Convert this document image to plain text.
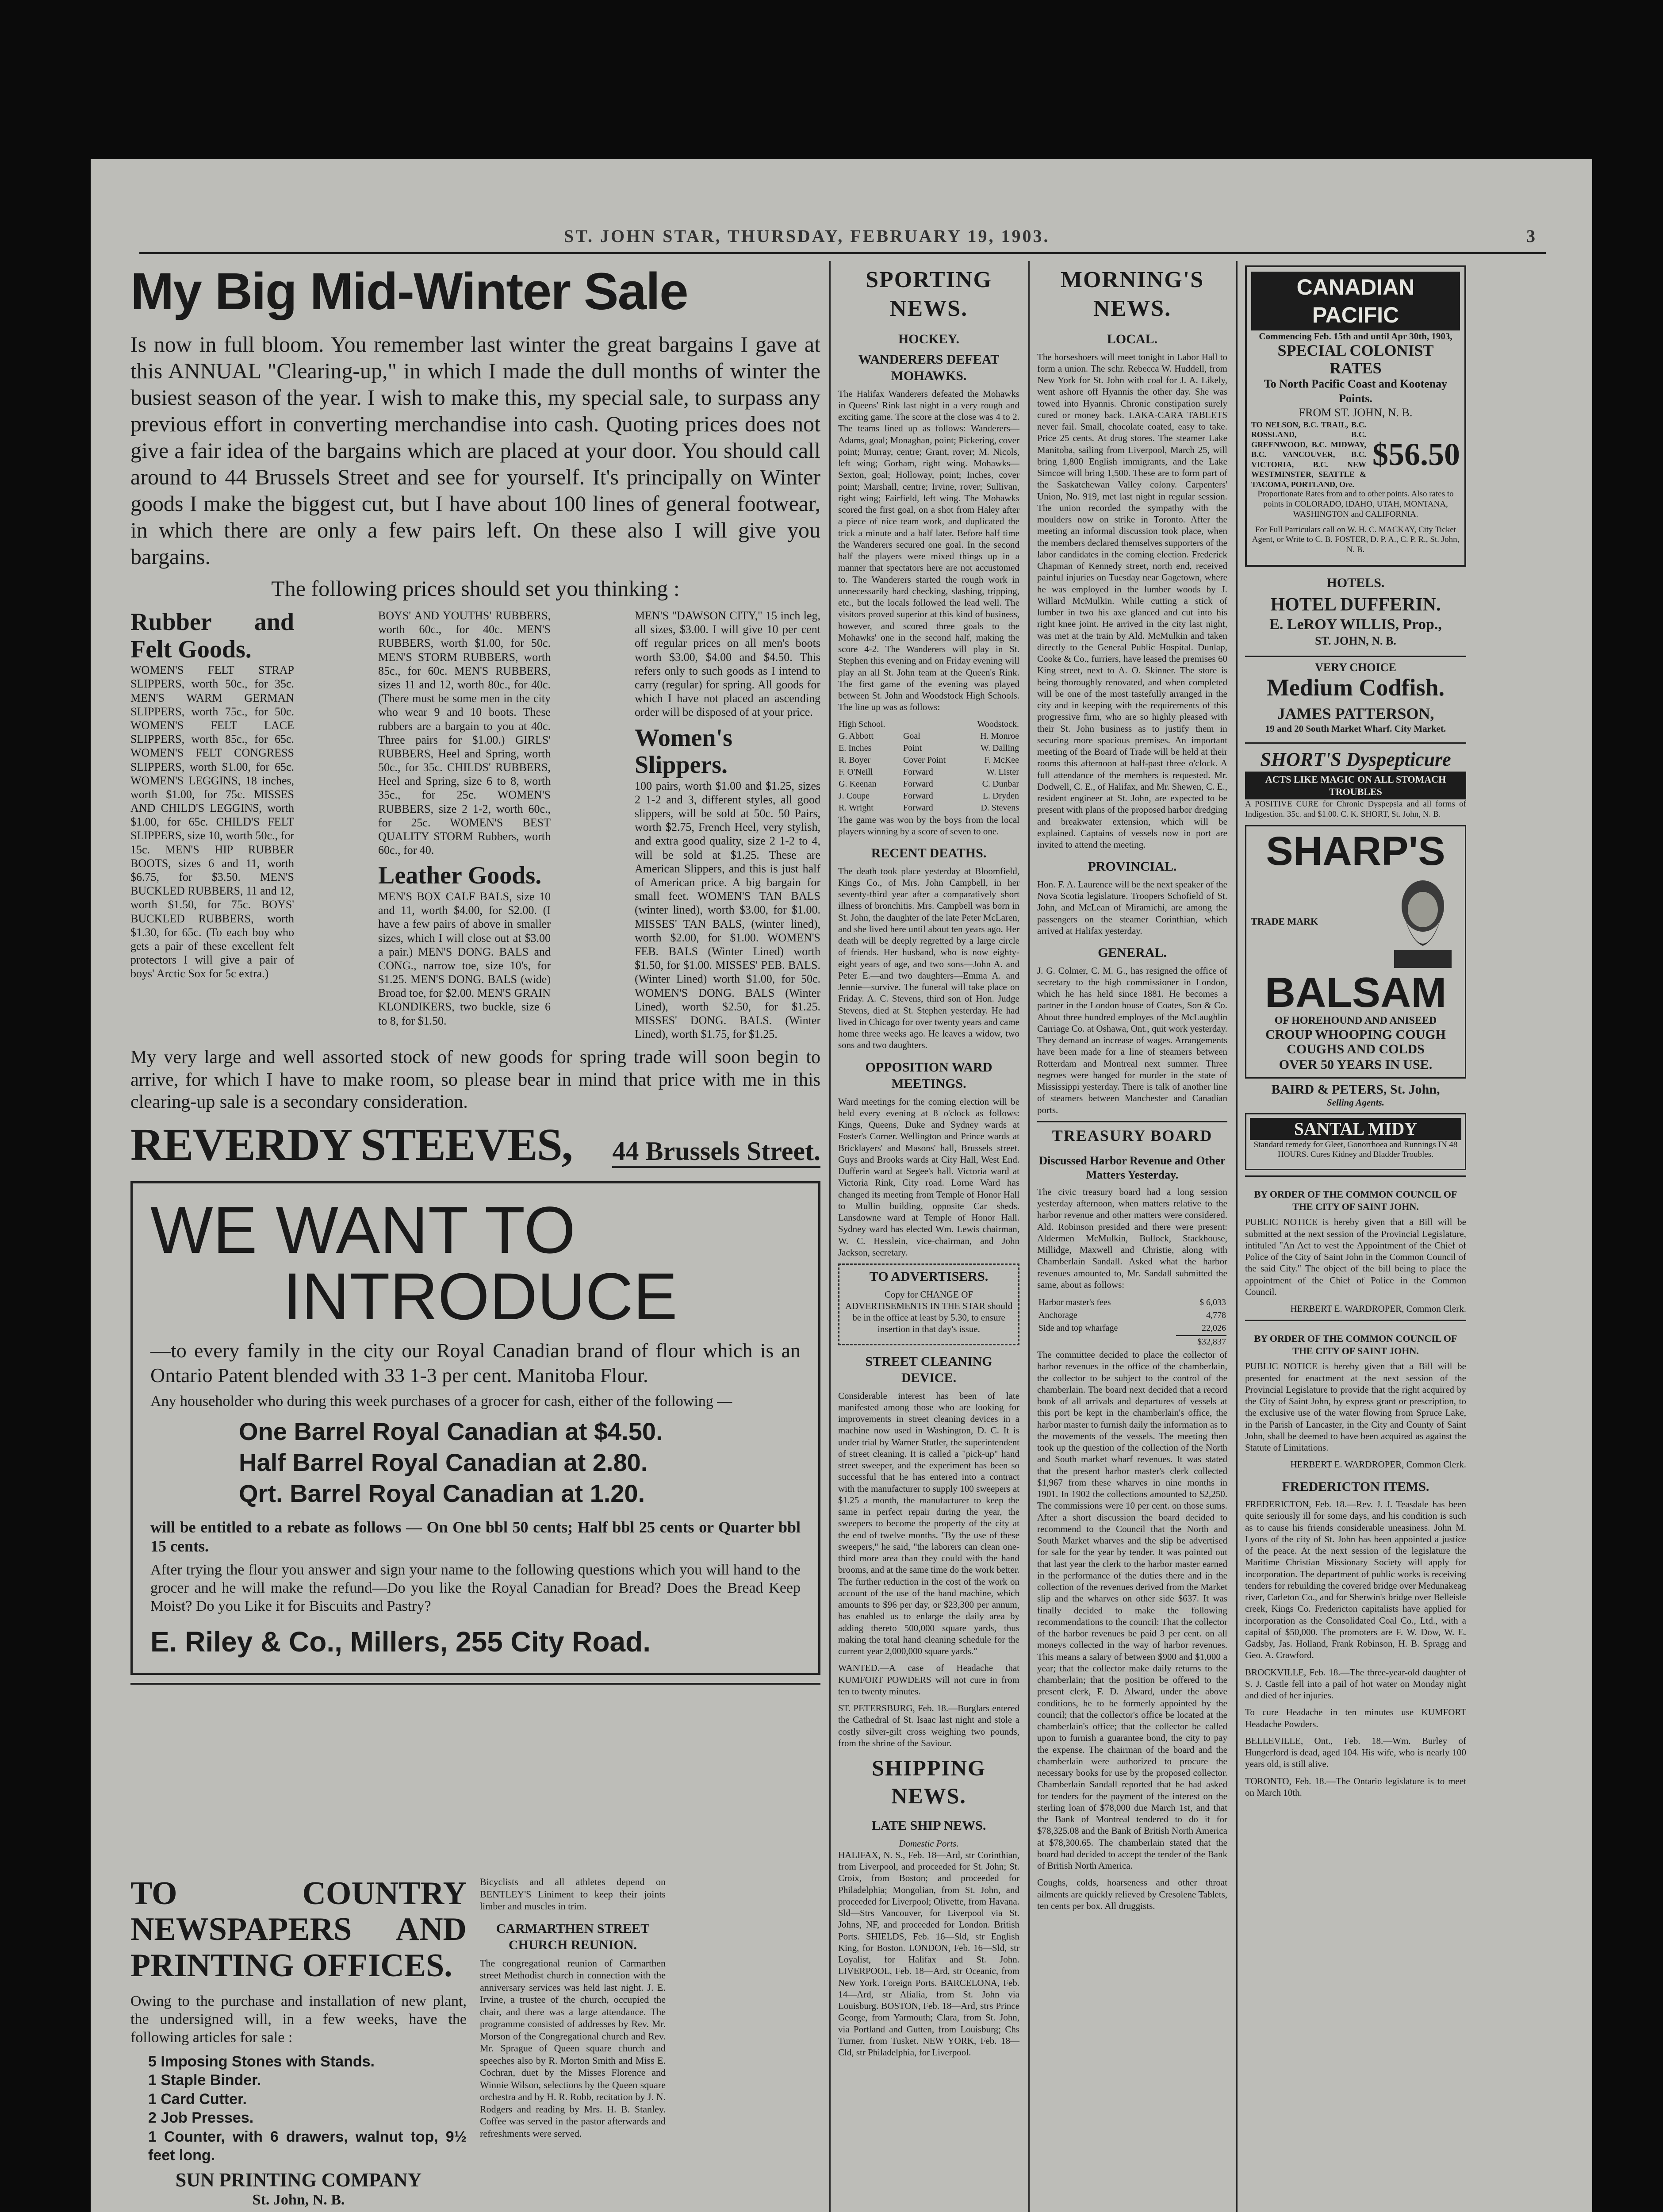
ST. JOHN STAR, THURSDAY, FEBRUARY 19, 1903.	3
My Big Mid-Winter Sale

Is now in full bloom. You remember last winter the great bargains I gave at this ANNUAL "Clearing-up," in which I made the dull months of winter the busiest season of the year. I wish to make this, my special sale, to surpass any previous effort in converting merchandise into cash. Quoting prices does not give a fair idea of the bargains which are placed at your door. You should call around to 44 Brussels Street and see for yourself. It's principally on Winter goods I make the biggest cut, but I have about 100 lines of general footwear, in which there are only a few pairs left. On these also I will give you bargains.

The following prices should set you thinking :

Rubber and Felt Goods.

WOMEN'S FELT STRAP SLIPPERS, worth 50c., for 35c. MEN'S WARM GERMAN SLIPPERS, worth 75c., for 50c. WOMEN'S FELT LACE SLIPPERS, worth 85c., for 65c. WOMEN'S FELT CONGRESS SLIPPERS, worth $1.00, for 65c. WOMEN'S LEGGINS, 18 inches, worth $1.00, for 75c. MISSES AND CHILD'S LEGGINS, worth $1.00, for 65c. CHILD'S FELT SLIPPERS, size 10, worth 50c., for 15c. MEN'S HIP RUBBER BOOTS, sizes 6 and 11, worth $6.75, for $3.50. MEN'S BUCKLED RUBBERS, 11 and 12, worth $1.50, for 75c. BOYS' BUCKLED RUBBERS, worth $1.30, for 65c. (To each boy who gets a pair of these excellent felt protectors I will give a pair of boys' Arctic Sox for 5c extra.)

BOYS' AND YOUTHS' RUBBERS, worth 60c., for 40c. MEN'S RUBBERS, worth $1.00, for 50c. MEN'S STORM RUBBERS, worth 85c., for 60c. MEN'S RUBBERS, sizes 11 and 12, worth 80c., for 40c. (There must be some men in the city who wear 9 and 10 boots. These rubbers are a bargain to you at 40c. Three pairs for $1.00.) GIRLS' RUBBERS, Heel and Spring, worth 50c., for 35c. CHILDS' RUBBERS, Heel and Spring, size 6 to 8, worth 35c., for 25c. WOMEN'S RUBBERS, size 2 1-2, worth 60c., for 25c. WOMEN'S BEST QUALITY STORM Rubbers, worth 60c., for 40.

Leather Goods.

MEN'S BOX CALF BALS, size 10 and 11, worth $4.00, for $2.00. (I have a few pairs of above in smaller sizes, which I will close out at $3.00 a pair.) MEN'S DONG. BALS and CONG., narrow toe, size 10's, for $1.25. MEN'S DONG. BALS (wide) Broad toe, for $2.00. MEN'S GRAIN KLONDIKERS, two buckle, size 6 to 8, for $1.50.

MEN'S "DAWSON CITY," 15 inch leg, all sizes, $3.00. I will give 10 per cent off regular prices on all men's boots worth $3.00, $4.00 and $4.50. This refers only to such goods as I intend to carry (regular) for spring. All goods for which I have not placed an ascending order will be disposed of at your price.

Women's Slippers.

100 pairs, worth $1.00 and $1.25, sizes 2 1-2 and 3, different styles, all good slippers, will be sold at 50c. 50 Pairs, worth $2.75, French Heel, very stylish, and extra good quality, size 2 1-2 to 4, will be sold at $1.25. These are American Slippers, and this is just half of American price. A big bargain for small feet. WOMEN'S TAN BALS (winter lined), worth $3.00, for $1.00. MISSES' TAN BALS, (winter lined), worth $2.00, for $1.00. WOMEN'S FEB. BALS (Winter Lined) worth $1.50, for $1.00. MISSES' PEB. BALS. (Winter Lined) worth $1.00, for 50c. WOMEN'S DONG. BALS (Winter Lined), worth $2.50, for $1.25. MISSES' DONG. BALS. (Winter Lined), worth $1.75, for $1.25.

My very large and well assorted stock of new goods for spring trade will soon begin to arrive, for which I have to make room, so please bear in mind that price with me in this clearing-up sale is a secondary consideration.

REVERDY STEEVES, 44 Brussels Street.
WE WANT TO
INTRODUCE

—to every family in the city our Royal Canadian brand of flour which is an Ontario Patent blended with 33 1-3 per cent. Manitoba Flour.

Any householder who during this week purchases of a grocer for cash, either of the following —

One Barrel Royal Canadian at $4.50.
Half Barrel Royal Canadian at 2.80.
Qrt. Barrel Royal Canadian at 1.20.

will be entitled to a rebate as follows — On One bbl 50 cents; Half bbl 25 cents or Quarter bbl 15 cents.

After trying the flour you answer and sign your name to the following questions which you will hand to the grocer and he will make the refund—Do you like the Royal Canadian for Bread? Does the Bread Keep Moist? Do you Like it for Biscuits and Pastry?

E. Riley & Co., Millers, 255 City Road.
TO COUNTRY NEWSPAPERS AND PRINTING OFFICES.

Owing to the purchase and installation of new plant, the undersigned will, in a few weeks, have the following articles for sale :

5 Imposing Stones with Stands.
1 Staple Binder.
1 Card Cutter.
2 Job Presses.
1 Counter, with 6 drawers, walnut top, 9½ feet long.
SUN PRINTING COMPANY
St. John, N. B.

Bicyclists and all athletes depend on BENTLEY'S Liniment to keep their joints limber and muscles in trim.

CARMARTHEN STREET CHURCH REUNION.

The congregational reunion of Carmarthen street Methodist church in connection with the anniversary services was held last night. J. E. Irvine, a trustee of the church, occupied the chair, and there was a large attendance. The programme consisted of addresses by Rev. Mr. Morson of the Congregational church and Rev. Mr. Sprague of Queen square church and speeches also by R. Morton Smith and Miss E. Cochran, duet by the Misses Florence and Winnie Wilson, selections by the Queen square orchestra and by H. R. Robb, recitation by J. N. Rodgers and reading by Mrs. H. B. Stanley. Coffee was served in the pastor afterwards and refreshments were served.

SPORTING NEWS.
HOCKEY.
WANDERERS DEFEAT MOHAWKS.

The Halifax Wanderers defeated the Mohawks in Queens' Rink last night in a very rough and exciting game. The score at the close was 4 to 2. The teams lined up as follows: Wanderers—Adams, goal; Monaghan, point; Pickering, cover point; Murray, centre; Grant, rover; M. Nicols, left wing; Gorham, right wing. Mohawks—Sexton, goal; Holloway, point; Inches, cover point; Marshall, centre; Irvine, rover; Sullivan, right wing; Fairfield, left wing. The Mohawks scored the first goal, on a shot from Haley after a piece of nice team work, and duplicated the trick a minute and a half later. Before half time the Wanderers secured one goal. In the second half the players were mixed things up in a manner that spectators here are not accustomed to. The Wanderers started the rough work in unnecessarily hard checking, slashing, tripping, etc., but the locals followed the lead well. The visitors proved superior at this kind of business, however, and scored three goals to the Mohawks' one in the second half, making the score 4-2. The Wanderers will play in St. Stephen this evening and on Friday evening will play an all St. John team at the Queen's Rink. The first game of the evening was played between St. John and Woodstock High Schools. The line up was as follows:

High School.		Woodstock.
G. Abbott	Goal	H. Monroe
E. Inches	Point	W. Dalling
R. Boyer	Cover Point	F. McKee
F. O'Neill	Forward	W. Lister
G. Keenan	Forward	C. Dunbar
J. Coupe	Forward	L. Dryden
R. Wright	Forward	D. Stevens

The game was won by the boys from the local players winning by a score of seven to one.

RECENT DEATHS.

The death took place yesterday at Bloomfield, Kings Co., of Mrs. John Campbell, in her seventy-third year after a comparatively short illness of bronchitis. Mrs. Campbell was born in St. John, the daughter of the late Peter McLaren, and she lived here until about ten years ago. Her death will be deeply regretted by a large circle of friends. Her husband, who is now eighty-eight years of age, and two sons—John A. and Peter E.—and two daughters—Emma A. and Jennie—survive. The funeral will take place on Friday. A. C. Stevens, third son of Hon. Judge Stevens, died at St. Stephen yesterday. He had lived in Chicago for over twenty years and came home three weeks ago. He leaves a widow, two sons and two daughters.

OPPOSITION WARD MEETINGS.

Ward meetings for the coming election will be held every evening at 8 o'clock as follows: Kings, Queens, Duke and Sydney wards at Foster's Corner. Wellington and Prince wards at Bricklayers' and Masons' hall, Brussels street. Guys and Brooks wards at City Hall, West End. Dufferin ward at Segee's hall. Victoria ward at Victoria Rink, City road. Lorne Ward has changed its meeting from Temple of Honor Hall to Mullin building, opposite Car sheds. Lansdowne ward at Temple of Honor Hall. Sydney ward has elected Wm. Lewis chairman, W. C. Hesslein, vice-chairman, and John Jackson, secretary.

TO ADVERTISERS.

Copy for CHANGE OF ADVERTISEMENTS IN THE STAR should be in the office at least by 5.30, to ensure insertion in that day's issue.

STREET CLEANING DEVICE.

Considerable interest has been of late manifested among those who are looking for improvements in street cleaning devices in a machine now used in Washington, D. C. It is under trial by Warner Stutler, the superintendent of street cleaning. It is called a "pick-up" hand street sweeper, and the experiment has been so successful that he has entered into a contract with the manufacturer to supply 100 sweepers at $1.25 a month, the manufacturer to keep the same in perfect repair during the year, the sweepers to become the property of the city at the end of twelve months. "By the use of these sweepers," he said, "the laborers can clean one-third more area than they could with the hand brooms, and at the same time do the work better. The further reduction in the cost of the work on account of the use of the hand machine, which amounts to $96 per day, or $23,300 per annum, has enabled us to enlarge the daily area by adding thereto 500,000 square yards, thus making the total hand cleaning schedule for the current year 2,000,000 square yards."

WANTED.—A case of Headache that KUMFORT POWDERS will not cure in from ten to twenty minutes.

ST. PETERSBURG, Feb. 18.—Burglars entered the Cathedral of St. Isaac last night and stole a costly silver-gilt cross weighing two pounds, from the shrine of the Saviour.

SHIPPING NEWS.
LATE SHIP NEWS.
Domestic Ports.

HALIFAX, N. S., Feb. 18—Ard, str Corinthian, from Liverpool, and proceeded for St. John; St. Croix, from Boston; and proceeded for Philadelphia; Mongolian, from St. John, and proceeded for Liverpool; Olivette, from Havana. Sld—Strs Vancouver, for Liverpool via St. Johns, NF, and proceeded for London. British Ports. SHIELDS, Feb. 16—Sld, str English King, for Boston. LONDON, Feb. 16—Sld, str Loyalist, for Halifax and St. John. LIVERPOOL, Feb. 18—Ard, str Oceanic, from New York. Foreign Ports. BARCELONA, Feb. 14—Ard, str Alialia, from St. John via Louisburg. BOSTON, Feb. 18—Ard, strs Prince George, from Yarmouth; Clara, from St. John, via Portland and Gutten, from Louisburg; Chs Turner, from Tusket. NEW YORK, Feb. 18—Cld, str Philadelphia, for Liverpool.

MORNING'S NEWS.
LOCAL.

The horseshoers will meet tonight in Labor Hall to form a union. The schr. Rebecca W. Huddell, from New York for St. John with coal for J. A. Likely, went ashore off Hyannis the other day. She was towed into Hyannis. Chronic constipation surely cured or money back. LAKA-CARA TABLETS never fail. Small, chocolate coated, easy to take. Price 25 cents. At drug stores. The steamer Lake Manitoba, sailing from Liverpool, March 25, will bring 1,800 English immigrants, and the Lake Simcoe will bring 1,500. These are to form part of the Saskatchewan Valley colony. Carpenters' Union, No. 919, met last night in regular session. The union recorded the sympathy with the moulders now on strike in Toronto. After the meeting an informal discussion took place, when the members declared themselves supporters of the labor candidates in the coming election. Frederick Chapman of Kennedy street, north end, received painful injuries on Tuesday near Gagetown, where he was employed in the lumber woods by J. Willard McMulkin. While cutting a stick of lumber in two his axe glanced and cut into his right knee joint. He arrived in the city last night, was met at the train by Ald. McMulkin and taken directly to the General Public Hospital. Dunlap, Cooke & Co., furriers, have leased the premises 60 King street, next to A. O. Skinner. The store is being thoroughly renovated, and when completed will be one of the most tastefully arranged in the city and in keeping with the requirements of this progressive firm, who are so highly pleased with their St. John business as to justify them in securing more spacious premises. An important meeting of the Board of Trade will be held at their rooms this afternoon at half-past three o'clock. A full attendance of the members is requested. Mr. Dodwell, C. E., of Halifax, and Mr. Shewen, C. E., resident engineer at St. John, are expected to be present with plans of the proposed harbor dredging and breakwater extension, which will be explained. Captains of vessels now in port are invited to attend the meeting.

PROVINCIAL.

Hon. F. A. Laurence will be the next speaker of the Nova Scotia legislature. Troopers Schofield of St. John, and McLean of Miramichi, are among the passengers on the steamer Corinthian, which arrived at Halifax yesterday.

GENERAL.

J. G. Colmer, C. M. G., has resigned the office of secretary to the high commissioner in London, which he has held since 1881. He becomes a partner in the London house of Coates, Son & Co. About three hundred employes of the McLaughlin Carriage Co. at Oshawa, Ont., quit work yesterday. They demand an increase of wages. Arrangements have been made for a line of steamers between Rotterdam and Montreal next summer. Three negroes were hanged for murder in the state of Mississippi yesterday. There is talk of another line of steamers between Manchester and Canadian ports.

TREASURY BOARD
Discussed Harbor Revenue and Other Matters Yesterday.

The civic treasury board had a long session yesterday afternoon, when matters relative to the harbor revenue and other matters were considered. Ald. Robinson presided and there were present: Aldermen McMulkin, Bullock, Stackhouse, Millidge, Maxwell and Christie, along with Chamberlain Sandall. Asked what the harbor revenues amounted to, Mr. Sandall submitted the same, about as follows:

Harbor master's fees	$ 6,033
Anchorage	4,778
Side and top wharfage	22,026
	$32,837

The committee decided to place the collector of harbor revenues in the office of the chamberlain, the collector to be subject to the control of the chamberlain. The board next decided that a record book of all arrivals and departures of vessels at this port be kept in the chamberlain's office, the harbor master to furnish daily the information as to the movements of the vessels. The meeting then took up the question of the collection of the North and South market wharf revenues. It was stated that the present harbor master's clerk collected $1,967 from these wharves in nine months in 1901. In 1902 the collections amounted to $2,250. The commissions were 10 per cent. on those sums. After a short discussion the board decided to recommend to the Council that the North and South Market wharves and the slip be advertised for sale for the year by tender. It was pointed out that last year the clerk to the harbor master earned in the performance of the duties there and in the collection of the revenues derived from the Market slip and the wharves on other side $637. It was finally decided to make the following recommendations to the council: That the collector of the harbor revenues be paid 3 per cent. on all moneys collected in the way of harbor revenues. This means a salary of between $900 and $1,000 a year; that the collector make daily returns to the chamberlain; that the position be offered to the present clerk, F. D. Alward, under the above conditions, he to be formerly appointed by the council; that the collector's office be located at the chamberlain's office; that the collector be called upon to furnish a guarantee bond, the city to pay the expense. The chairman of the board and the chamberlain were authorized to procure the necessary books for use by the proposed collector. Chamberlain Sandall reported that he had asked for tenders for the payment of the interest on the sterling loan of $78,000 due March 1st, and that the Bank of Montreal tendered to do it for $78,325.08 and the Bank of British North America at $78,300.65. The chamberlain stated that the board had decided to accept the tender of the Bank of British North America.

Coughs, colds, hoarseness and other throat ailments are quickly relieved by Cresolene Tablets, ten cents per box. All druggists.

CANADIAN PACIFIC
Commencing Feb. 15th and until Apr 30th, 1903,
SPECIAL COLONIST RATES
To North Pacific Coast and Kootenay Points.
FROM ST. JOHN, N. B.
TO NELSON, B.C. TRAIL, B.C. ROSSLAND, B.C. GREENWOOD, B.C. MIDWAY, B.C. VANCOUVER, B.C. VICTORIA, B.C. NEW WESTMINSTER, SEATTLE & TACOMA, PORTLAND, Ore.
$56.50

Proportionate Rates from and to other points. Also rates to points in COLORADO, IDAHO, UTAH, MONTANA, WASHINGTON and CALIFORNIA.

For Full Particulars call on W. H. C. MACKAY, City Ticket Agent, or Write to C. B. FOSTER, D. P. A., C. P. R., St. John, N. B.

HOTELS.
HOTEL DUFFERIN.
E. LeROY WILLIS, Prop.,
ST. JOHN, N. B.
VERY CHOICE
Medium Codfish.
JAMES PATTERSON,
19 and 20 South Market Wharf. City Market.
SHORT'S Dyspepticure
ACTS LIKE MAGIC ON ALL STOMACH TROUBLES

A POSITIVE CURE for Chronic Dyspepsia and all forms of Indigestion. 35c. and $1.00. C. K. SHORT, St. John, N. B.

SHARP'S
TRADE MARK
BALSAM
OF HOREHOUND AND ANISEED
CROUP WHOOPING COUGH COUGHS AND COLDS
OVER 50 YEARS IN USE.
BAIRD & PETERS, St. John,
Selling Agents.
SANTAL MIDY

Standard remedy for Gleet, Gonorrhoea and Runnings IN 48 HOURS. Cures Kidney and Bladder Troubles.

BY ORDER OF THE COMMON COUNCIL OF THE CITY OF SAINT JOHN.

PUBLIC NOTICE is hereby given that a Bill will be submitted at the next session of the Provincial Legislature, intituled "An Act to vest the Appointment of the Chief of Police of the City of Saint John in the Common Council of the said City." The object of the bill being to place the appointment of the Chief of Police in the Common Council.

HERBERT E. WARDROPER, Common Clerk.

BY ORDER OF THE COMMON COUNCIL OF THE CITY OF SAINT JOHN.

PUBLIC NOTICE is hereby given that a Bill will be presented for enactment at the next session of the Provincial Legislature to provide that the right acquired by the City of Saint John, by express grant or prescription, to the exclusive use of the water flowing from Spruce Lake, in the Parish of Lancaster, in the City and County of Saint John, shall be deemed to have been acquired as against the Statute of Limitations.

HERBERT E. WARDROPER, Common Clerk.

FREDERICTON ITEMS.

FREDERICTON, Feb. 18.—Rev. J. J. Teasdale has been quite seriously ill for some days, and his condition is such as to cause his friends considerable uneasiness. John M. Lyons of the city of St. John has been appointed a justice of the peace. At the next session of the legislature the Maritime Christian Missionary Society will apply for incorporation. The department of public works is receiving tenders for rebuilding the covered bridge over Medunakeag river, Carleton Co., and for Sherwin's bridge over Belleisle creek, Kings Co. Fredericton capitalists have applied for incorporation as the Consolidated Coal Co., Ltd., with a capital of $50,000. The promoters are F. W. Dow, W. E. Gadsby, Jas. Holland, Frank Robinson, H. B. Spragg and Geo. A. Crawford.

BROCKVILLE, Feb. 18.—The three-year-old daughter of S. J. Castle fell into a pail of hot water on Monday night and died of her injuries.

To cure Headache in ten minutes use KUMFORT Headache Powders.

BELLEVILLE, Ont., Feb. 18.—Wm. Burley of Hungerford is dead, aged 104. His wife, who is nearly 100 years old, is still alive.

TORONTO, Feb. 18.—The Ontario legislature is to meet on March 10th.
